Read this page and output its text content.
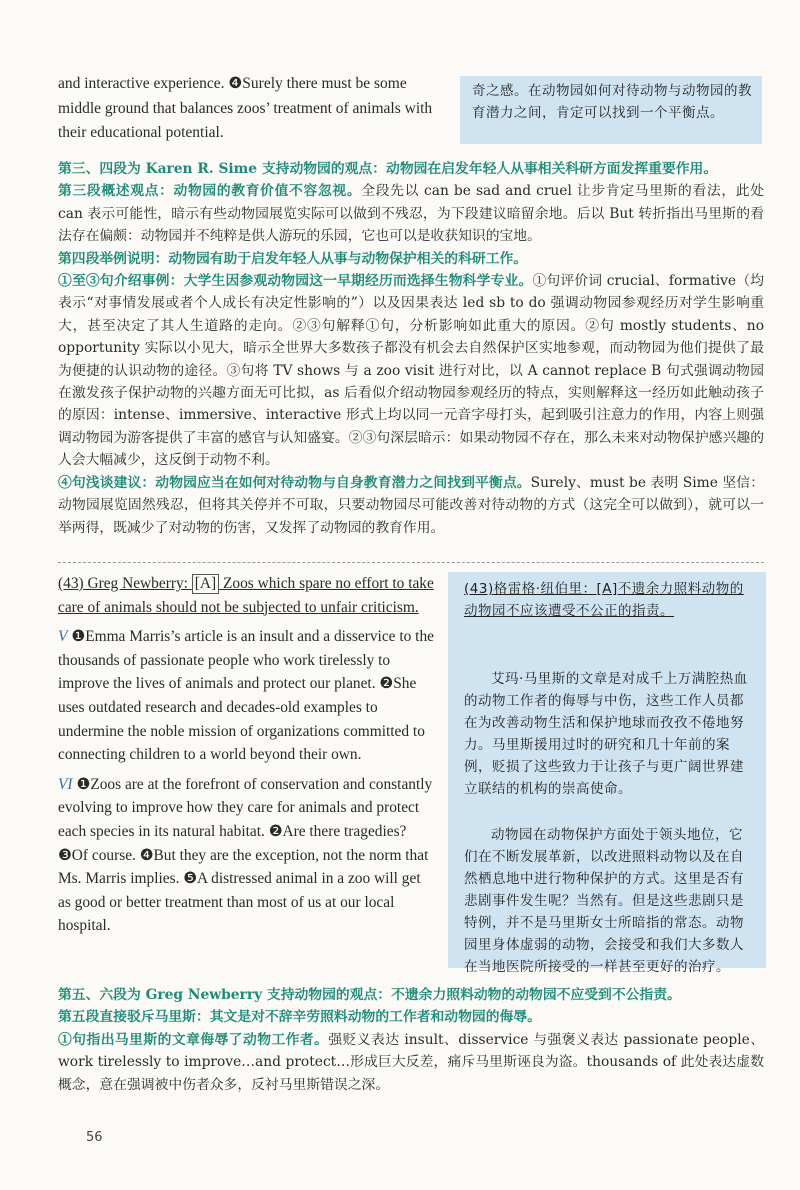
and interactive experience. ❹Surely there must be some middle ground that balances zoos’ treatment of animals with their educational potential.
奇之感。在动物园如何对待动物与动物园的教育潜力之间，肯定可以找到一个平衡点。
第三、四段为 Karen R. Sime 支持动物园的观点：动物园在启发年轻人从事相关科研方面发挥重要作用。
第三段概述观点：动物园的教育价值不容忽视。全段先以 can be sad and cruel 让步肯定马里斯的看法，此处 can 表示可能性，暗示有些动物园展览实际可以做到不残忍，为下段建议暗留余地。后以 But 转折指出马里斯的看法存在偏颇：动物园并不纯粹是供人游玩的乐园，它也可以是收获知识的宝地。
第四段举例说明：动物园有助于启发年轻人从事与动物保护相关的科研工作。
①至③句介绍事例：大学生因参观动物园这一早期经历而选择生物科学专业。①句评价词 crucial、formative（均表示“对事情发展或者个人成长有决定性影响的”）以及因果表达 led sb to do 强调动物园参观经历对学生影响重大，甚至决定了其人生道路的走向。②③句解释①句，分析影响如此重大的原因。②句 mostly students、no opportunity 实际以小见大，暗示全世界大多数孩子都没有机会去自然保护区实地参观，而动物园为他们提供了最为便捷的认识动物的途径。③句将 TV shows 与 a zoo visit 进行对比，以 A cannot replace B 句式强调动物园在激发孩子保护动物的兴趣方面无可比拟，as 后看似介绍动物园参观经历的特点，实则解释这一经历如此触动孩子的原因：intense、immersive、interactive 形式上均以同一元音字母打头，起到吸引注意力的作用，内容上则强调动物园为游客提供了丰富的感官与认知盛宴。②③句深层暗示：如果动物园不存在，那么未来对动物保护感兴趣的人会大幅减少，这反倒于动物不利。
④句浅谈建议：动物园应当在如何对待动物与自身教育潜力之间找到平衡点。Surely、must be 表明 Sime 坚信：动物园展览固然残忍，但将其关停并不可取，只要动物园尽可能改善对待动物的方式（这完全可以做到），就可以一举两得，既减少了对动物的伤害，又发挥了动物园的教育作用。
(43) Greg Newberry: [A] Zoos which spare no effort to take care of animals should not be subjected to unfair criticism.
V ❶Emma Marris’s article is an insult and a disservice to the thousands of passionate people who work tirelessly to improve the lives of animals and protect our planet. ❷She uses outdated research and decades-old examples to undermine the noble mission of organizations committed to connecting children to a world beyond their own.
VI ❶Zoos are at the forefront of conservation and constantly evolving to improve how they care for animals and protect each species in its natural habitat. ❷Are there tragedies? ❸Of course. ❹But they are the exception, not the norm that Ms. Marris implies. ❺A distressed animal in a zoo will get as good or better treatment than most of us at our local hospital.
(43)格雷格·纽伯里：[A]不遗余力照料动物的动物园不应该遭受不公正的指责。
艾玛·马里斯的文章是对成千上万满腔热血的动物工作者的侮辱与中伤，这些工作人员都在为改善动物生活和保护地球而孜孜不倦地努力。马里斯援用过时的研究和几十年前的案例，贬损了这些致力于让孩子与更广阔世界建立联结的机构的崇高使命。
动物园在动物保护方面处于领头地位，它们在不断发展革新，以改进照料动物以及在自然栖息地中进行物种保护的方式。这里是否有悲剧事件发生呢？当然有。但是这些悲剧只是特例，并不是马里斯女士所暗指的常态。动物园里身体虚弱的动物，会接受和我们大多数人在当地医院所接受的一样甚至更好的治疗。
第五、六段为 Greg Newberry 支持动物园的观点：不遗余力照料动物的动物园不应受到不公指责。
第五段直接驳斥马里斯：其文是对不辞辛劳照料动物的工作者和动物园的侮辱。
①句指出马里斯的文章侮辱了动物工作者。强贬义表达 insult、disservice 与强褒义表达 passionate people、work tirelessly to improve…and protect…形成巨大反差，痛斥马里斯诬良为盗。thousands of 此处表达虚数概念，意在强调被中伤者众多，反衬马里斯错误之深。
56
